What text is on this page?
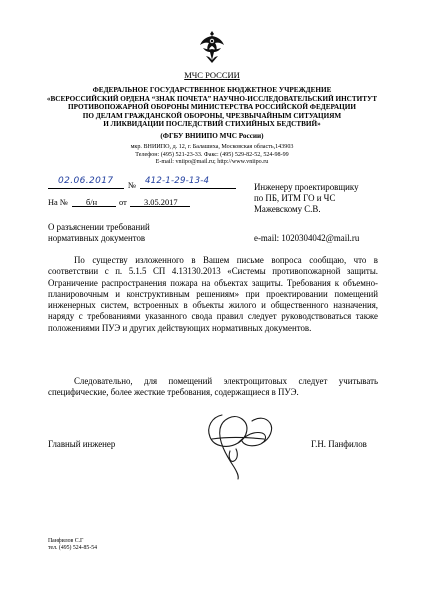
МЧС РОССИИ
ФЕДЕРАЛЬНОЕ ГОСУДАРСТВЕННОЕ БЮДЖЕТНОЕ УЧРЕЖДЕНИЕ
«ВСЕРОССИЙСКИЙ ОРДЕНА “ЗНАК ПОЧЕТА” НАУЧНО-ИССЛЕДОВАТЕЛЬСКИЙ ИНСТИТУТ
ПРОТИВОПОЖАРНОЙ ОБОРОНЫ МИНИСТЕРСТВА РОССИЙСКОЙ ФЕДЕРАЦИИ
ПО ДЕЛАМ ГРАЖДАНСКОЙ ОБОРОНЫ, ЧРЕЗВЫЧАЙНЫМ СИТУАЦИЯМ
И ЛИКВИДАЦИИ ПОСЛЕДСТВИЙ СТИХИЙНЫХ БЕДСТВИЙ»
(ФГБУ ВНИИПО МЧС России)
мкр. ВНИИПО, д. 12, г. Балашиха, Московская область,143903
Телефон: (495) 521-23-33. Факс: (495) 529-82-52, 524-98-99
E-mail: vniipo@mail.ru; http://www.vniipo.ru
02.06.2017 № 412-1-29-13-4
На № б/н	от 3.05.2017
Инженеру проектировщику
по ПБ, ИТМ ГО и ЧС
Мажевскому С.В.
e-mail: 1020304042@mail.ru
О разъяснении требований
нормативных документов
По существу изложенного в Вашем письме вопроса сообщаю, что в соответствии с п. 5.1.5 СП 4.13130.2013 «Системы противопожарной защиты. Ограничение распространения пожара на объектах защиты. Требования к объемно-планировочным и конструктивным решениям» при проектировании помещений инженерных систем, встроенных в объекты жилого и общественного назначения, наряду с требованиями указанного свода правил следует руководствоваться также положениями ПУЭ и других действующих нормативных документов.
Следовательно, для помещений электрощитовых следует учитывать специфические, более жесткие требования, содержащиеся в ПУЭ.
Главный инженер	Г.Н. Панфилов
Панфилов С.Г
тел. (495) 524-85-54
